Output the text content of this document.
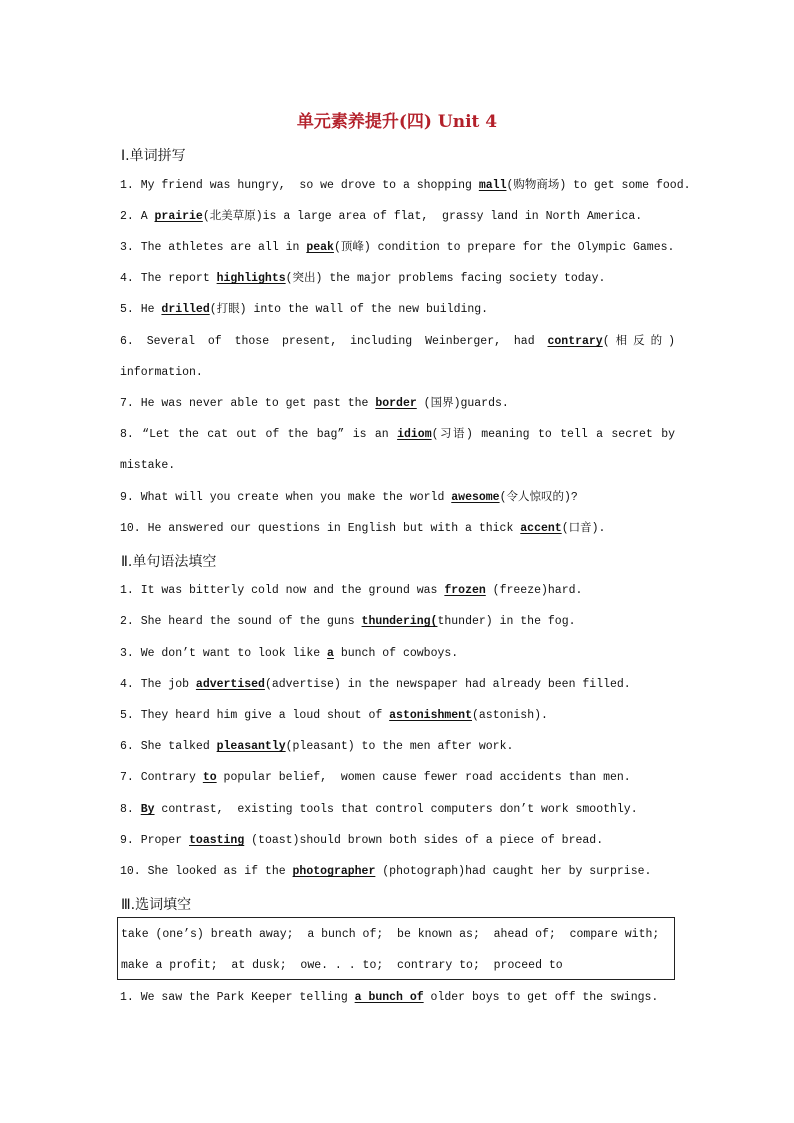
单元素养提升(四) Unit 4
Ⅰ.单词拼写
1. My friend was hungry,  so we drove to a shopping mall(购物商场) to get some food.
2. A prairie(北美草原)is a large area of flat,  grassy land in North America.
3. The athletes are all in peak(顶峰) condition to prepare for the Olympic Games.
4. The report highlights(突出) the major problems facing society today.
5. He drilled(打眼) into the wall of the new building.
6. Several of those present, including Weinberger, had contrary(相反的) information.
7. He was never able to get past the border (国界)guards.
8. “Let the cat out of the bag” is an idiom(习语) meaning to tell a secret by mistake.
9. What will you create when you make the world awesome(令人惊叹的)?
10. He answered our questions in English but with a thick accent(口音).
Ⅱ.单句语法填空
1. It was bitterly cold now and the ground was frozen (freeze)hard.
2. She heard the sound of the guns thundering(thunder) in the fog.
3. We don’t want to look like a bunch of cowboys.
4. The job advertised(advertise) in the newspaper had already been filled.
5. They heard him give a loud shout of astonishment(astonish).
6. She talked pleasantly(pleasant) to the men after work.
7. Contrary to popular belief,  women cause fewer road accidents than men.
8. By contrast,  existing tools that control computers don’t work smoothly.
9. Proper toasting (toast)should brown both sides of a piece of bread.
10. She looked as if the photographer (photograph)had caught her by surprise.
Ⅲ.选词填空
take (one’s) breath away;  a bunch of;  be known as;  ahead of;  compare with;
make a profit;  at dusk;  owe. . . to;  contrary to;  proceed to
1. We saw the Park Keeper telling a bunch of older boys to get off the swings.
